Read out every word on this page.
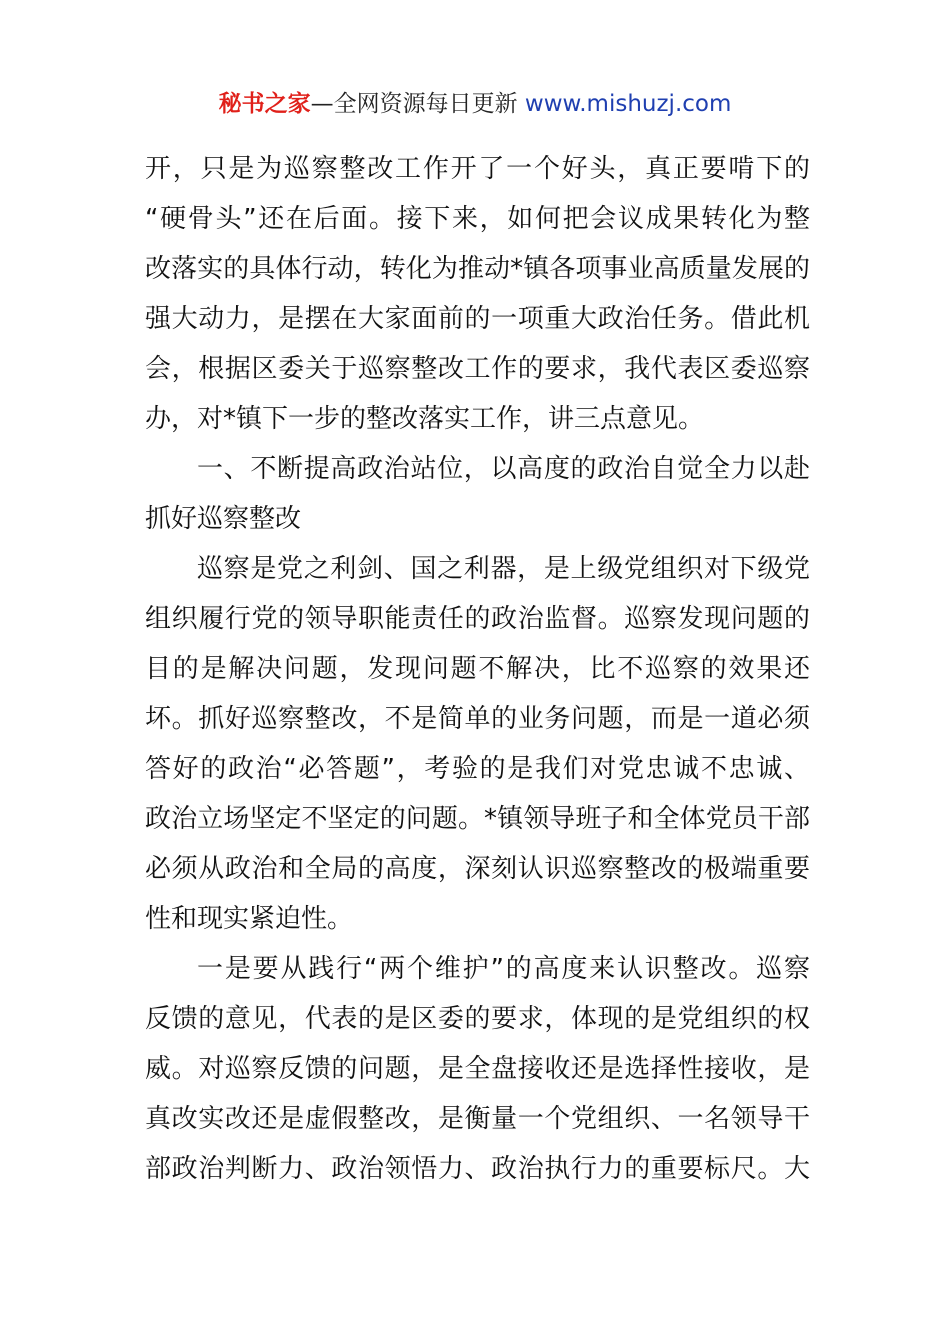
秘书之家—全网资源每日更新 www.mishuzj.com
开，只是为巡察整改工作开了一个好头，真正要啃下的
“硬骨头”还在后面。接下来，如何把会议成果转化为整
改落实的具体行动，转化为推动*镇各项事业高质量发展的
强大动力，是摆在大家面前的一项重大政治任务。借此机
会，根据区委关于巡察整改工作的要求，我代表区委巡察
办，对*镇下一步的整改落实工作，讲三点意见。
一、不断提高政治站位，以高度的政治自觉全力以赴
抓好巡察整改
巡察是党之利剑、国之利器，是上级党组织对下级党
组织履行党的领导职能责任的政治监督。巡察发现问题的
目的是解决问题，发现问题不解决，比不巡察的效果还
坏。抓好巡察整改，不是简单的业务问题，而是一道必须
答好的政治“必答题”，考验的是我们对党忠诚不忠诚、
政治立场坚定不坚定的问题。*镇领导班子和全体党员干部
必须从政治和全局的高度，深刻认识巡察整改的极端重要
性和现实紧迫性。
一是要从践行“两个维护”的高度来认识整改。巡察
反馈的意见，代表的是区委的要求，体现的是党组织的权
威。对巡察反馈的问题，是全盘接收还是选择性接收，是
真改实改还是虚假整改，是衡量一个党组织、一名领导干
部政治判断力、政治领悟力、政治执行力的重要标尺。大
